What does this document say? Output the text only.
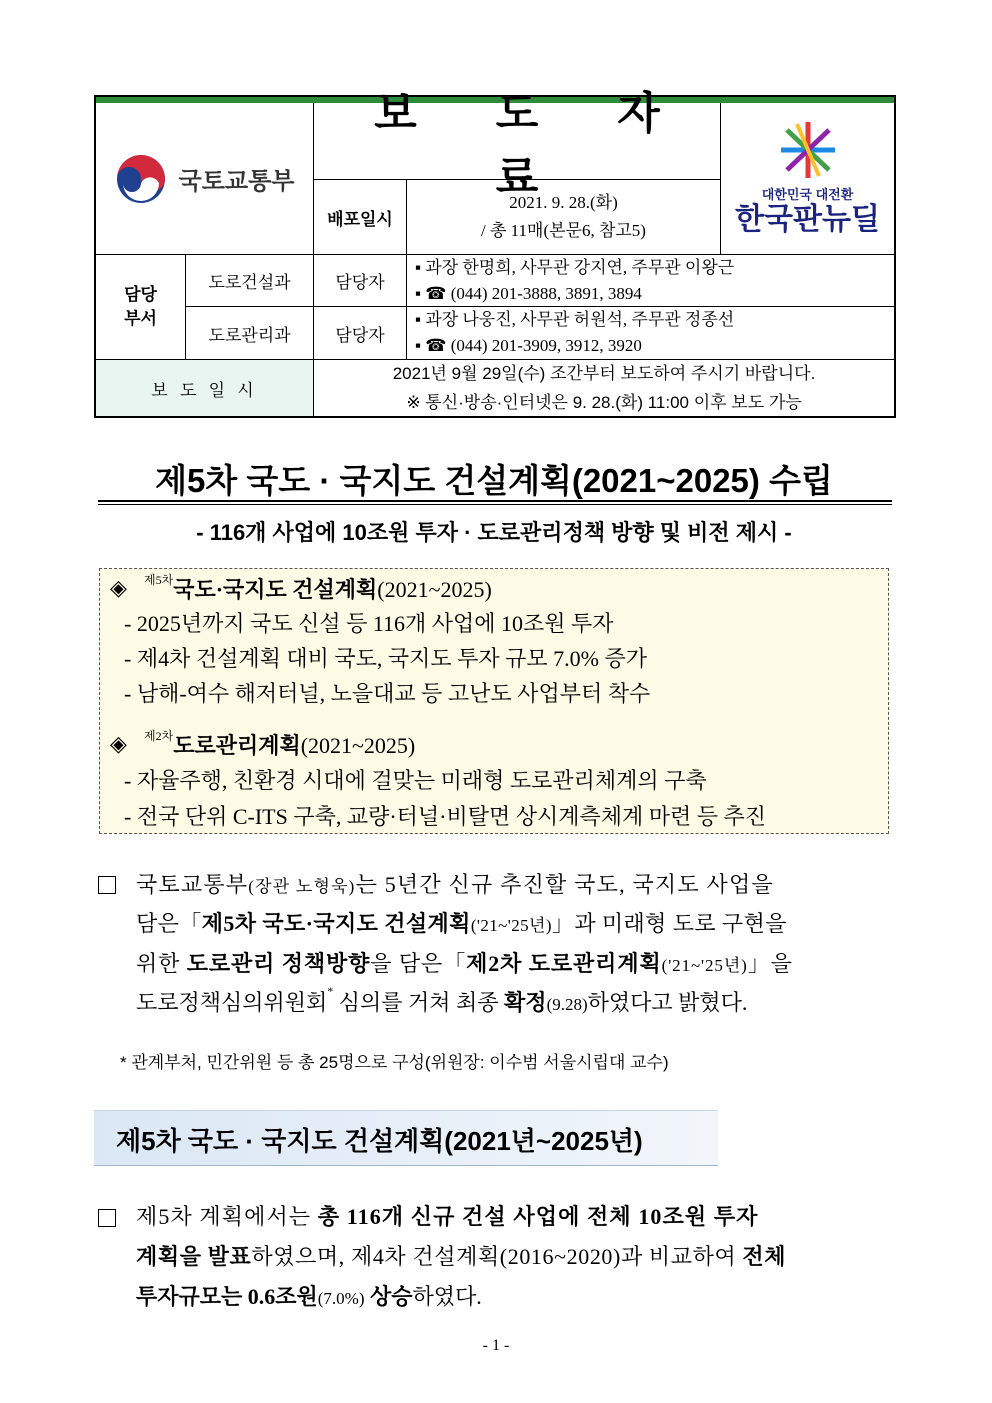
국토교통부
보 도 자 료
배포일시
2021. 9. 28.(화)
/ 총 11매(본문6, 참고5)
대한민국 대전환
한국판뉴딜
담당
부서
도로건설과	담당자
▪ 과장 한명희, 사무관 강지연, 주무관 이왕근
▪ ☎ (044) 201-3888, 3891, 3894
도로관리과	담당자
▪ 과장 나웅진, 사무관 허원석, 주무관 정종선
▪ ☎ (044) 201-3909, 3912, 3920
보 도 일 시
2021년 9월 29일(수) 조간부터 보도하여 주시기 바랍니다.
※ 통신·방송·인터넷은 9. 28.(화) 11:00 이후 보도 가능
제5차 국도 · 국지도 건설계획(2021~2025) 수립
- 116개 사업에 10조원 투자 · 도로관리정책 방향 및 비전 제시 -
◈ $^{제5차}$국도·국지도 건설계획(2021~2025)
- 2025년까지 국도 신설 등 116개 사업에 10조원 투자
- 제4차 건설계획 대비 국도, 국지도 투자 규모 7.0% 증가
- 남해-여수 해저터널, 노을대교 등 고난도 사업부터 착수
◈ $^{제2차}$도로관리계획(2021~2025)
- 자율주행, 친환경 시대에 걸맞는 미래형 도로관리체계의 구축
- 전국 단위 C-ITS 구축, 교량·터널·비탈면 상시계측체계 마련 등 추진
국토교통부(장관 노형욱)는 5년간 신규 추진할 국도, 국지도 사업을
담은「제5차 국도·국지도 건설계획('21~'25년)」과 미래형 도로 구현을
위한 도로관리 정책방향을 담은「제2차 도로관리계획('21~'25년)」을
도로정책심의위원회* 심의를 거쳐 최종 확정(9.28)하였다고 밝혔다.
* 관계부처, 민간위원 등 총 25명으로 구성(위원장: 이수범 서울시립대 교수)
제5차 국도 · 국지도 건설계획(2021년~2025년)
제5차 계획에서는 총 116개 신규 건설 사업에 전체 10조원 투자
계획을 발표하였으며, 제4차 건설계획(2016~2020)과 비교하여 전체
투자규모는 0.6조원(7.0%) 상승하였다.
- 1 -
